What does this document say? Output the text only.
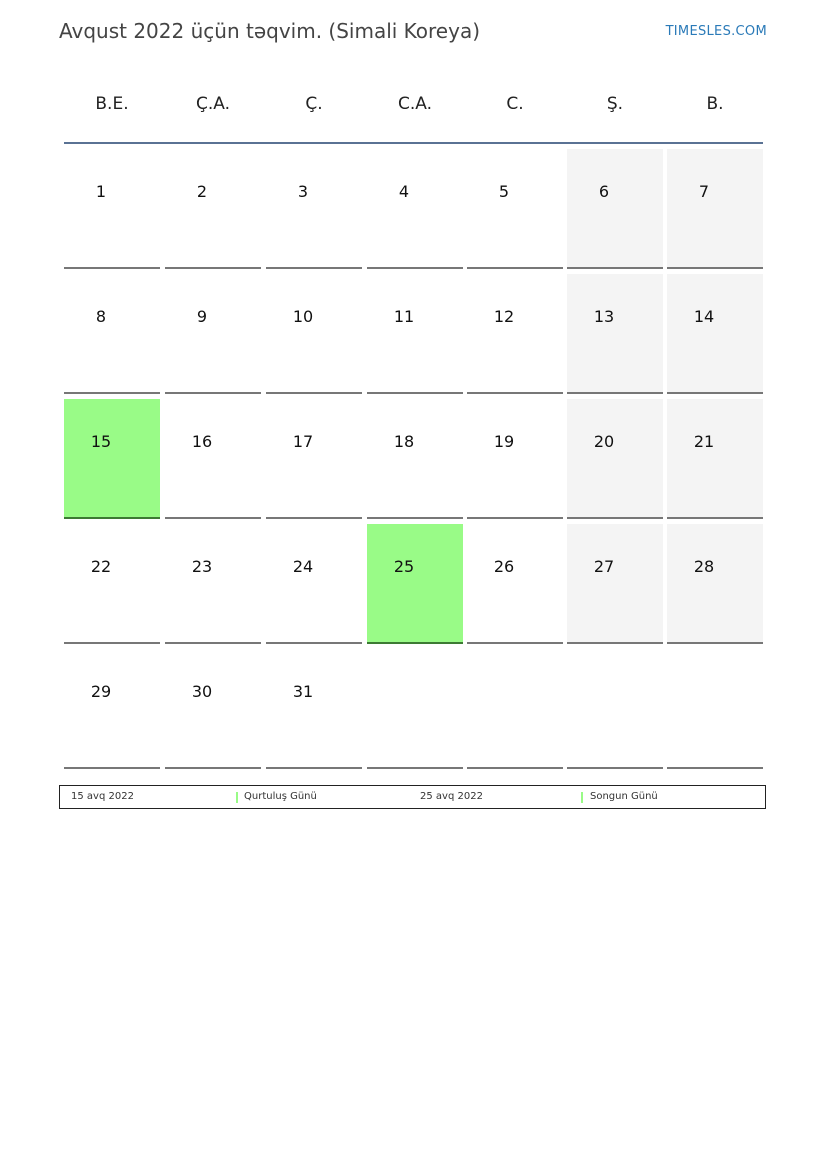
Avqust 2022 üçün təqvim. (Simali Koreya)	TIMESLES.COM
B.E.	Ç.A.	Ç.	C.A.	C.	Ş.	B.
1	2	3	4	5	6	7
8	9	10	11	12	13	14
15	16	17	18	19	20	21
22	23	24	25	26	27	28
29	30	31
15 avq 2022	Qurtuluş Günü	25 avq 2022	Songun Günü
